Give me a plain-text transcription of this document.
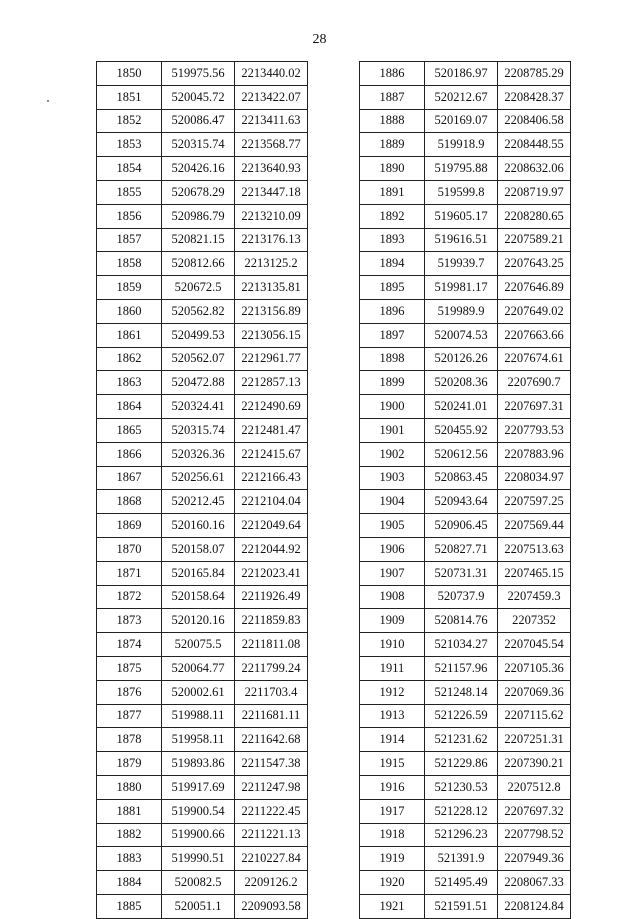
28
1850	519975.56	2213440.02
1851	520045.72	2213422.07
1852	520086.47	2213411.63
1853	520315.74	2213568.77
1854	520426.16	2213640.93
1855	520678.29	2213447.18
1856	520986.79	2213210.09
1857	520821.15	2213176.13
1858	520812.66	2213125.2
1859	520672.5	2213135.81
1860	520562.82	2213156.89
1861	520499.53	2213056.15
1862	520562.07	2212961.77
1863	520472.88	2212857.13
1864	520324.41	2212490.69
1865	520315.74	2212481.47
1866	520326.36	2212415.67
1867	520256.61	2212166.43
1868	520212.45	2212104.04
1869	520160.16	2212049.64
1870	520158.07	2212044.92
1871	520165.84	2212023.41
1872	520158.64	2211926.49
1873	520120.16	2211859.83
1874	520075.5	2211811.08
1875	520064.77	2211799.24
1876	520002.61	2211703.4
1877	519988.11	2211681.11
1878	519958.11	2211642.68
1879	519893.86	2211547.38
1880	519917.69	2211247.98
1881	519900.54	2211222.45
1882	519900.66	2211221.13
1883	519990.51	2210227.84
1884	520082.5	2209126.2
1885	520051.1	2209093.58
1886	520186.97	2208785.29
1887	520212.67	2208428.37
1888	520169.07	2208406.58
1889	519918.9	2208448.55
1890	519795.88	2208632.06
1891	519599.8	2208719.97
1892	519605.17	2208280.65
1893	519616.51	2207589.21
1894	519939.7	2207643.25
1895	519981.17	2207646.89
1896	519989.9	2207649.02
1897	520074.53	2207663.66
1898	520126.26	2207674.61
1899	520208.36	2207690.7
1900	520241.01	2207697.31
1901	520455.92	2207793.53
1902	520612.56	2207883.96
1903	520863.45	2208034.97
1904	520943.64	2207597.25
1905	520906.45	2207569.44
1906	520827.71	2207513.63
1907	520731.31	2207465.15
1908	520737.9	2207459.3
1909	520814.76	2207352
1910	521034.27	2207045.54
1911	521157.96	2207105.36
1912	521248.14	2207069.36
1913	521226.59	2207115.62
1914	521231.62	2207251.31
1915	521229.86	2207390.21
1916	521230.53	2207512.8
1917	521228.12	2207697.32
1918	521296.23	2207798.52
1919	521391.9	2207949.36
1920	521495.49	2208067.33
1921	521591.51	2208124.84
